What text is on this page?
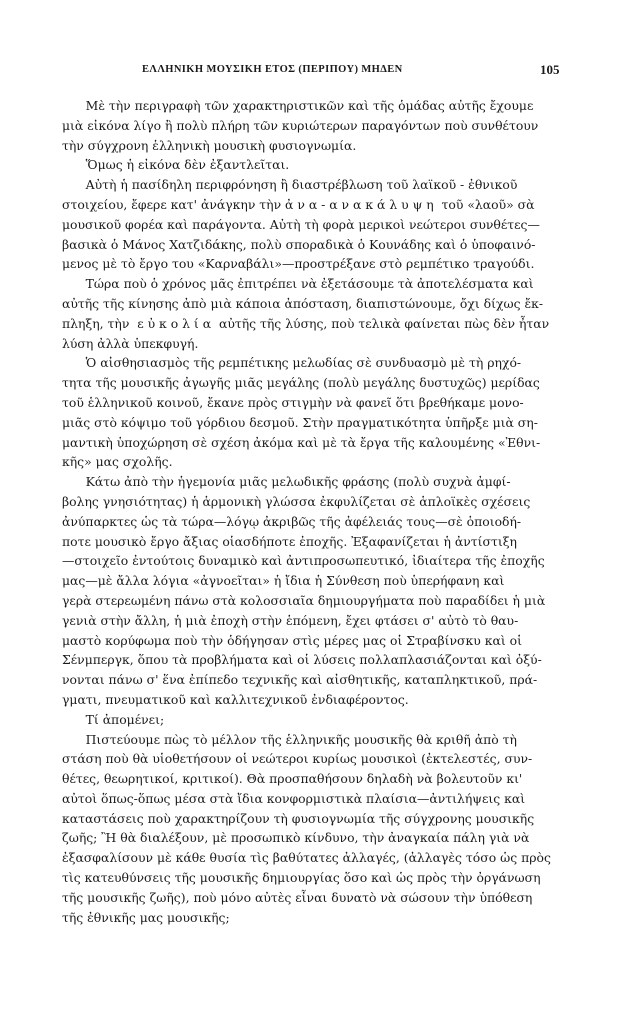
ΕΛΛΗΝΙΚΗ ΜΟΥΣΙΚΗ ΕΤΟΣ (ΠΕΡΙΠΟΥ) ΜΗΔΕΝ	105
Μὲ τὴν περιγραφὴ τῶν χαρακτηριστικῶν καὶ τῆς ὁμάδας αὐτῆς ἔχουμε
μιὰ εἰκόνα λίγο ἢ πολὺ πλήρη τῶν κυριώτερων παραγόντων ποὺ συνθέτουν
τὴν σύγχρονη ἑλληνικὴ μουσικὴ φυσιογνωμία.
Ὅμως ἡ εἰκόνα δὲν ἐξαντλεῖται.
Αὐτὴ ἡ πασίδηλη περιφρόνηση ἢ διαστρέβλωση τοῦ λαϊκοῦ - ἐθνικοῦ
στοιχείου, ἔφερε κατ' ἀνάγκην τὴν ἀ ν α - α ν α κ ά λ υ ψ η  τοῦ «λαοῦ» σὰ
μουσικοῦ φορέα καὶ παράγοντα. Αὐτὴ τὴ φορὰ μερικοὶ νεώτεροι συνθέτες—
βασικὰ ὁ Μάνος Χατζιδάκης, πολὺ σποραδικὰ ὁ Κουνάδης καὶ ὁ ὑποφαινό-
μενος μὲ τὸ ἔργο του «Καρναβάλι»—προστρέξανε στὸ ρεμπέτικο τραγούδι.
Τώρα ποὺ ὁ χρόνος μᾶς ἐπιτρέπει νὰ ἐξετάσουμε τὰ ἀποτελέσματα καὶ
αὐτῆς τῆς κίνησης ἀπὸ μιὰ κάποια ἀπόσταση, διαπιστώνουμε, ὄχι δίχως ἔκ-
πληξη, τὴν  ε ὐ κ ο λ ί α  αὐτῆς τῆς λύσης, ποὺ τελικὰ φαίνεται πὼς δὲν ἦταν
λύση ἀλλὰ ὑπεκφυγή.
Ὁ αἰσθησιασμὸς τῆς ρεμπέτικης μελωδίας σὲ συνδυασμὸ μὲ τὴ ρηχό-
τητα τῆς μουσικῆς ἀγωγῆς μιᾶς μεγάλης (πολὺ μεγάλης δυστυχῶς) μερίδας
τοῦ ἑλληνικοῦ κοινοῦ, ἔκανε πρὸς στιγμὴν νὰ φανεῖ ὅτι βρεθήκαμε μονο-
μιᾶς στὸ κόψιμο τοῦ γόρδιου δεσμοῦ. Στὴν πραγματικότητα ὑπῆρξε μιὰ ση-
μαντικὴ ὑποχώρηση σὲ σχέση ἀκόμα καὶ μὲ τὰ ἔργα τῆς καλουμένης «Ἐθνι-
κῆς» μας σχολῆς.
Κάτω ἀπὸ τὴν ἡγεμονία μιᾶς μελωδικῆς φράσης (πολὺ συχνὰ ἀμφί-
βολης γνησιότητας) ἡ ἁρμονικὴ γλώσσα ἐκφυλίζεται σὲ ἁπλοϊκὲς σχέσεις
ἀνύπαρκτες ὡς τὰ τώρα—λόγῳ ἀκριβῶς τῆς ἀφέλειάς τους—σὲ ὁποιοδή-
ποτε μουσικὸ ἔργο ἄξιας οἱασδήποτε ἐποχῆς. Ἐξαφανίζεται ἡ ἀντίστιξη
—στοιχεῖο ἐντούτοις δυναμικὸ καὶ ἀντιπροσωπευτικό, ἰδιαίτερα τῆς ἐποχῆς
μας—μὲ ἄλλα λόγια «ἀγνοεῖται» ἡ ἴδια ἡ Σύνθεση ποὺ ὑπερήφανη καὶ
γερὰ στερεωμένη πάνω στὰ κολοσσιαῖα δημιουργήματα ποὺ παραδίδει ἡ μιὰ
γενιὰ στὴν ἄλλη, ἡ μιὰ ἐποχὴ στὴν ἑπόμενη, ἔχει φτάσει σ' αὐτὸ τὸ θαυ-
μαστὸ κορύφωμα ποὺ τὴν ὁδήγησαν στὶς μέρες μας οἱ Στραβίνσκυ καὶ οἱ
Σένμπεργκ, ὅπου τὰ προβλήματα καὶ οἱ λύσεις πολλαπλασιάζονται καὶ ὀξύ-
νονται πάνω σ' ἕνα ἐπίπεδο τεχνικῆς καὶ αἰσθητικῆς, καταπληκτικοῦ, πρά-
γματι, πνευματικοῦ καὶ καλλιτεχνικοῦ ἐνδιαφέροντος.
Τί ἀπομένει;
Πιστεύουμε πὼς τὸ μέλλον τῆς ἑλληνικῆς μουσικῆς θὰ κριθῆ ἀπὸ τὴ
στάση ποὺ θὰ υἱοθετήσουν οἱ νεώτεροι κυρίως μουσικοὶ (ἐκτελεστές, συν-
θέτες, θεωρητικοί, κριτικοί). Θὰ προσπαθήσουν δηλαδὴ νὰ βολευτοῦν κι'
αὐτοὶ ὅπως-ὅπως μέσα στὰ ἴδια κονφορμιστικὰ πλαίσια—ἀντιλήψεις καὶ
καταστάσεις ποὺ χαρακτηρίζουν τὴ φυσιογνωμία τῆς σύγχρονης μουσικῆς
ζωῆς; Ἢ θὰ διαλέξουν, μὲ προσωπικὸ κίνδυνο, τὴν ἀναγκαία πάλη γιὰ νὰ
ἐξασφαλίσουν μὲ κάθε θυσία τὶς βαθύτατες ἀλλαγές, (ἀλλαγὲς τόσο ὡς πρὸς
τὶς κατευθύνσεις τῆς μουσικῆς δημιουργίας ὅσο καὶ ὡς πρὸς τὴν ὀργάνωση
τῆς μουσικῆς ζωῆς), ποὺ μόνο αὐτὲς εἶναι δυνατὸ νὰ σώσουν τὴν ὑπόθεση
τῆς ἐθνικῆς μας μουσικῆς;
